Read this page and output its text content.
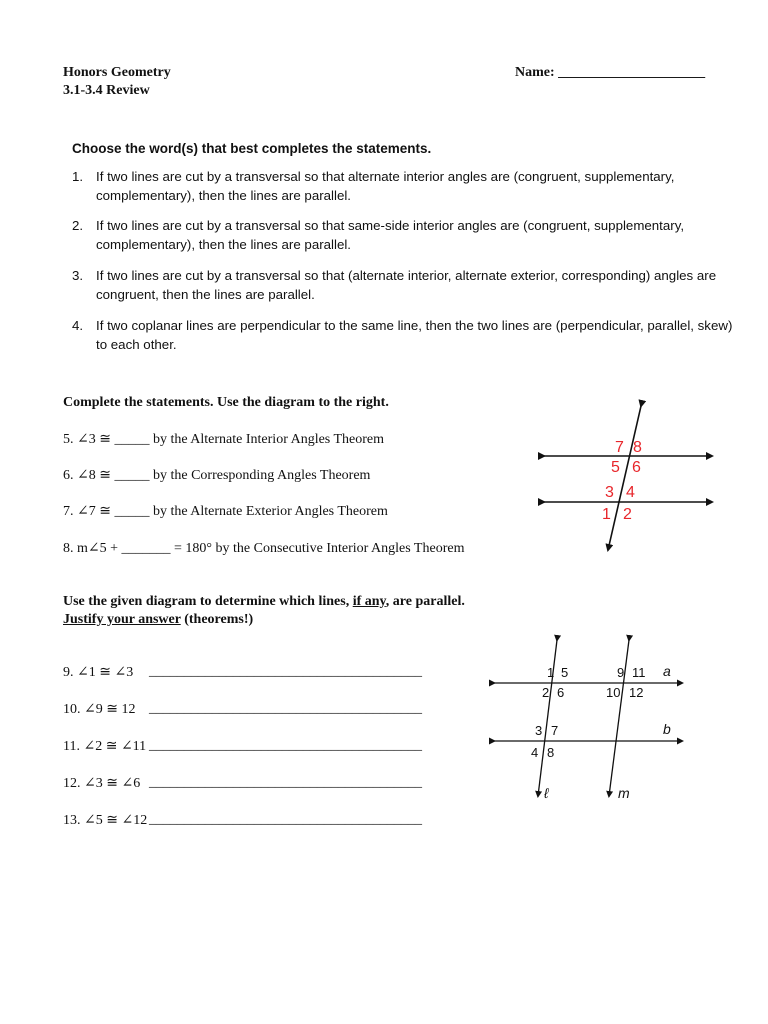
Honors Geometry
3.1-3.4 Review
Name: _____________________
Choose the word(s) that best completes the statements.
1. If two lines are cut by a transversal so that alternate interior angles are (congruent, supplementary, complementary), then the lines are parallel.
2. If two lines are cut by a transversal so that same-side interior angles are (congruent, supplementary, complementary), then the lines are parallel.
3. If two lines are cut by a transversal so that (alternate interior, alternate exterior, corresponding) angles are congruent, then the lines are parallel.
4. If two coplanar lines are perpendicular to the same line, then the two lines are (perpendicular, parallel, skew) to each other.
Complete the statements. Use the diagram to the right.
5. ∠3 ≅ _____ by the Alternate Interior Angles Theorem
6. ∠8 ≅ _____ by the Corresponding Angles Theorem
7. ∠7 ≅ _____ by the Alternate Exterior Angles Theorem
8. m∠5 + _______ = 180° by the Consecutive Interior Angles Theorem
7 8
5 6
3 4
1 2
Use the given diagram to determine which lines, if any, are parallel.
Justify your answer (theorems!)
9. ∠1 ≅ ∠3 _______________________________________
10. ∠9 ≅ 12 _______________________________________
11. ∠2 ≅ ∠11 _______________________________________
12. ∠3 ≅ ∠6 _______________________________________
13. ∠5 ≅ ∠12 _______________________________________
1 5
2 6
9 11
10 12
3 7
4 8
a
b
ℓ	m
